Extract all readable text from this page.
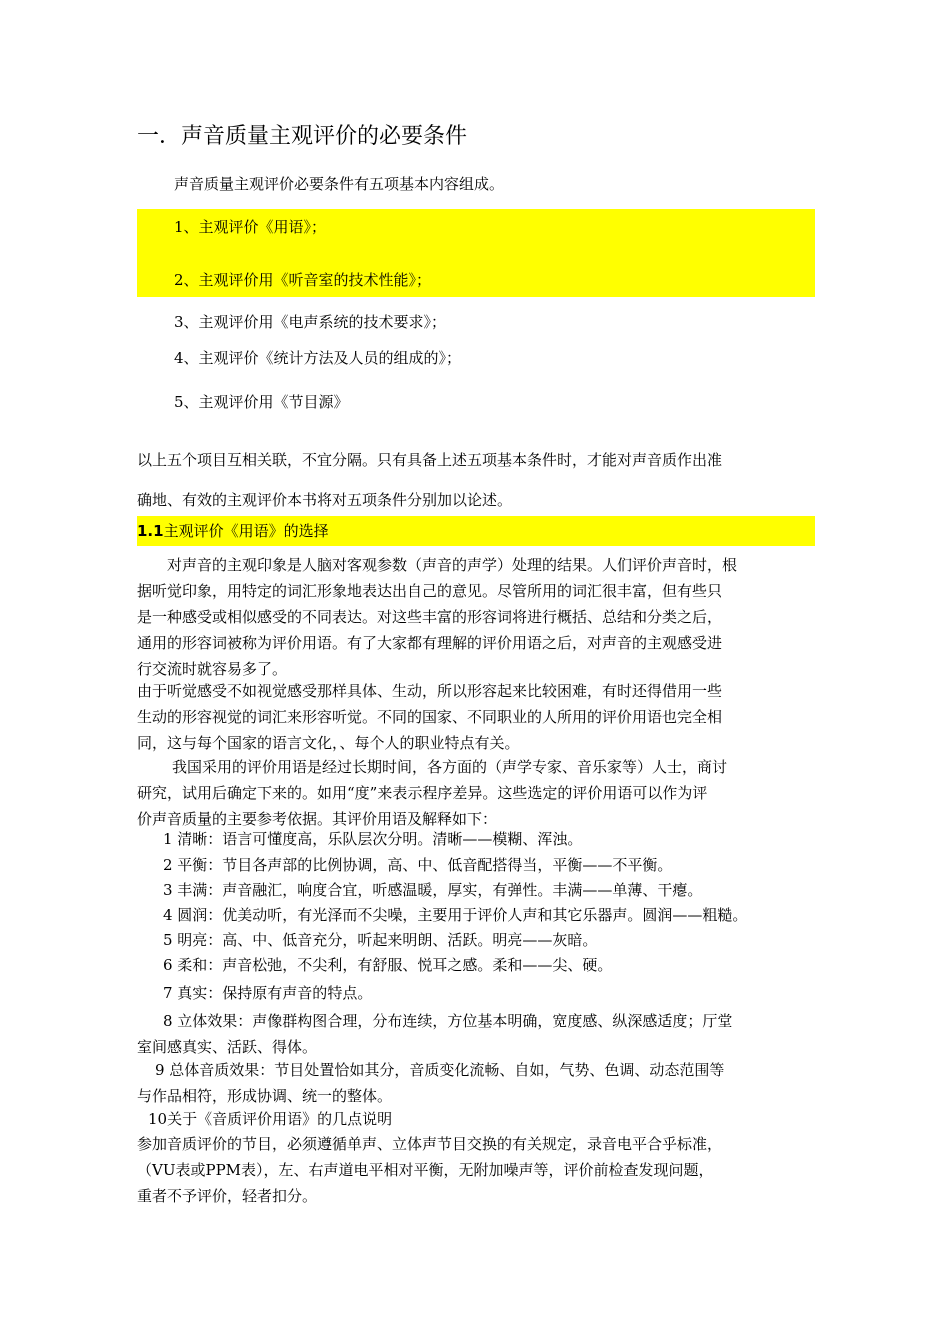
一．声音质量主观评价的必要条件
声音质量主观评价必要条件有五项基本内容组成。
1、主观评价《用语》；
2、主观评价用《听音室的技术性能》；
3、主观评价用《电声系统的技术要求》；
4、主观评价《统计方法及人员的组成的》；
5、主观评价用《节目源》
以上五个项目互相关联，不宜分隔。只有具备上述五项基本条件时，才能对声音质作出准
确地、有效的主观评价本书将对五项条件分别加以论述。
1.1主观评价《用语》的选择
对声音的主观印象是人脑对客观参数（声音的声学）处理的结果。人们评价声音时，根
据听觉印象，用特定的词汇形象地表达出自己的意见。尽管所用的词汇很丰富，但有些只
是一种感受或相似感受的不同表达。对这些丰富的形容词将进行概括、总结和分类之后，
通用的形容词被称为评价用语。有了大家都有理解的评价用语之后，对声音的主观感受进
行交流时就容易多了。
由于听觉感受不如视觉感受那样具体、生动，所以形容起来比较困难，有时还得借用一些
生动的形容视觉的词汇来形容听觉。不同的国家、不同职业的人所用的评价用语也完全相
同，这与每个国家的语言文化，、每个人的职业特点有关。
我国采用的评价用语是经过长期时间，各方面的（声学专家、音乐家等）人士，商讨
研究，试用后确定下来的。如用“度”来表示程序差异。这些选定的评价用语可以作为评
价声音质量的主要参考依据。其评价用语及解释如下：
1 清晰：语言可懂度高，乐队层次分明。清晰——模糊、浑浊。
2 平衡：节目各声部的比例协调，高、中、低音配搭得当，平衡——不平衡。
3 丰满：声音融汇，响度合宜，听感温暖，厚实，有弹性。丰满——单薄、干瘪。
4 圆润：优美动听，有光泽而不尖噪，主要用于评价人声和其它乐器声。圆润——粗糙。
5 明亮：高、中、低音充分，听起来明朗、活跃。明亮——灰暗。
6 柔和：声音松弛，不尖利，有舒服、悦耳之感。柔和——尖、硬。
7 真实：保持原有声音的特点。
8 立体效果：声像群构图合理，分布连续，方位基本明确，宽度感、纵深感适度；厅堂
室间感真实、活跃、得体。
9 总体音质效果：节目处置恰如其分，音质变化流畅、自如，气势、色调、动态范围等
与作品相符，形成协调、统一的整体。
10关于《音质评价用语》的几点说明
参加音质评价的节目，必须遵循单声、立体声节目交换的有关规定，录音电平合乎标准，
（VU表或PPM表），左、右声道电平相对平衡，无附加噪声等，评价前检查发现问题，
重者不予评价，轻者扣分。
